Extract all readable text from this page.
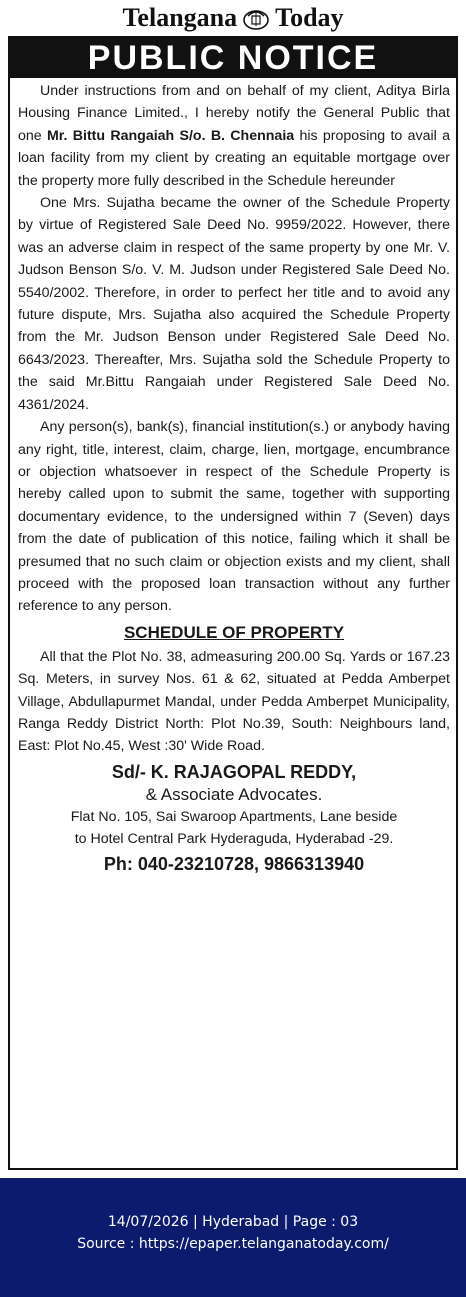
Telangana Today
PUBLIC NOTICE

Under instructions from and on behalf of my client, Aditya Birla Housing Finance Limited., I hereby notify the General Public that one Mr. Bittu Rangaiah S/o. B. Chennaia his proposing to avail a loan facility from my client by creating an equitable mortgage over the property more fully described in the Schedule hereunder

One Mrs. Sujatha became the owner of the Schedule Property by virtue of Registered Sale Deed No. 9959/2022. However, there was an adverse claim in respect of the same property by one Mr. V. Judson Benson S/o. V. M. Judson under Registered Sale Deed No. 5540/2002. Therefore, in order to perfect her title and to avoid any future dispute, Mrs. Sujatha also acquired the Schedule Property from the Mr. Judson Benson under Registered Sale Deed No. 6643/2023. Thereafter, Mrs. Sujatha sold the Schedule Property to the said Mr.Bittu Rangaiah under Registered Sale Deed No. 4361/2024.

Any person(s), bank(s), financial institution(s.) or anybody having any right, title, interest, claim, charge, lien, mortgage, encumbrance or objection whatsoever in respect of the Schedule Property is hereby called upon to submit the same, together with supporting documentary evidence, to the undersigned within 7 (Seven) days from the date of publication of this notice, failing which it shall be presumed that no such claim or objection exists and my client, shall proceed with the proposed loan transaction without any further reference to any person.

SCHEDULE OF PROPERTY

All that the Plot No. 38, admeasuring 200.00 Sq. Yards or 167.23 Sq. Meters, in survey Nos. 61 & 62, situated at Pedda Amberpet Village, Abdullapurmet Mandal, under Pedda Amberpet Municipality, Ranga Reddy District North: Plot No.39, South: Neighbours land, East: Plot No.45, West :30' Wide Road.

Sd/- K. RAJAGOPAL REDDY,
& Associate Advocates.
Flat No. 105, Sai Swaroop Apartments, Lane beside
to Hotel Central Park Hyderaguda, Hyderabad -29.
Ph: 040-23210728, 9866313940
14/07/2026 | Hyderabad | Page : 03
Source : https://epaper.telanganatoday.com/
